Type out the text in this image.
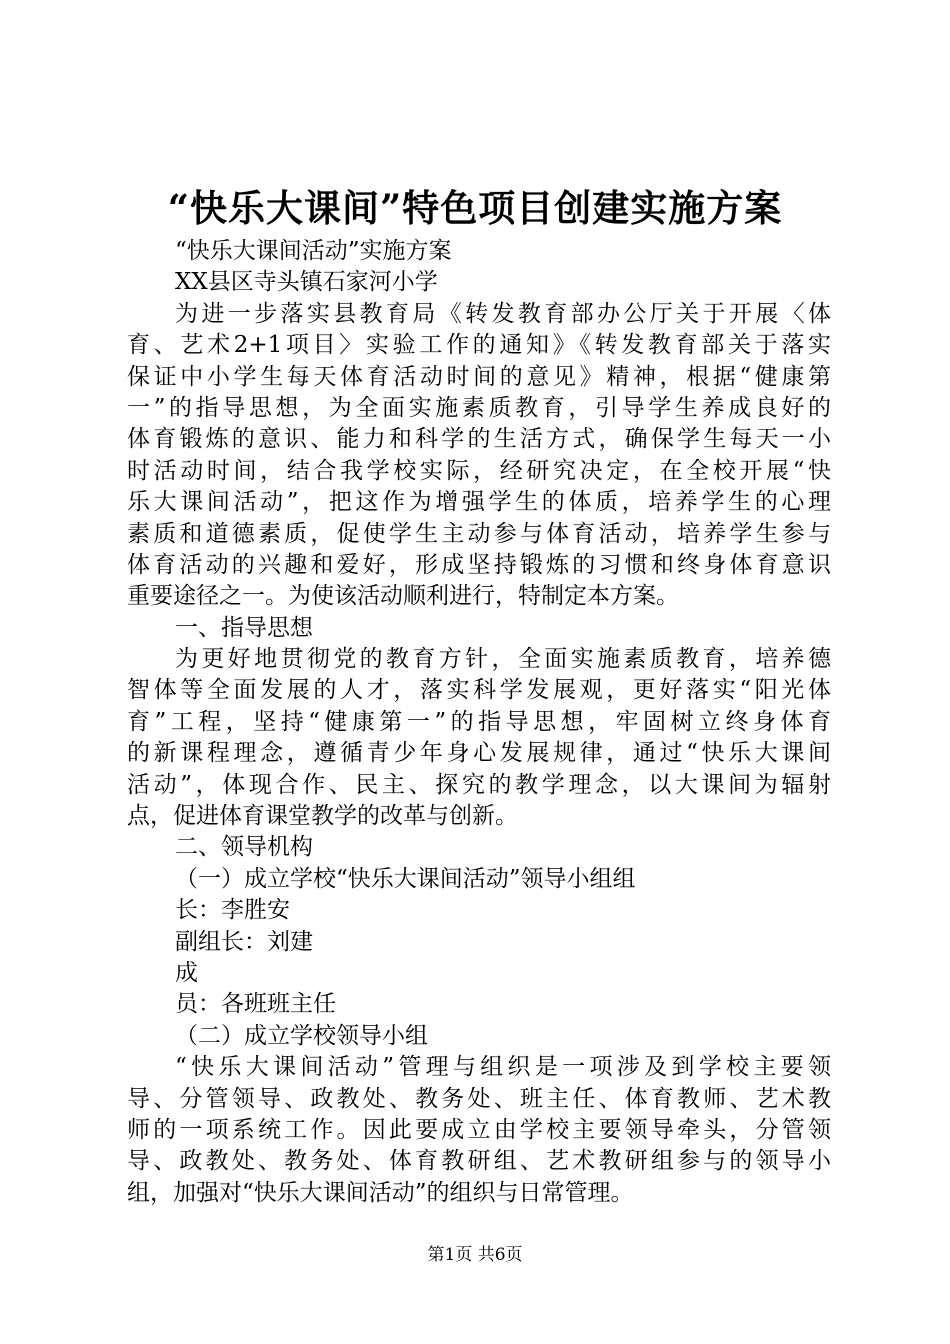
“快乐大课间”特色项目创建实施方案
“快乐大课间活动”实施方案
XX县区寺头镇石家河小学
为进一步落实县教育局《转发教育部办公厅关于开展〈体
育、艺术2+1项目〉实验工作的通知》《转发教育部关于落实
保证中小学生每天体育活动时间的意见》精神，根据“健康第
一”的指导思想，为全面实施素质教育，引导学生养成良好的
体育锻炼的意识、能力和科学的生活方式，确保学生每天一小
时活动时间，结合我学校实际，经研究决定，在全校开展“快
乐大课间活动”，把这作为增强学生的体质，培养学生的心理
素质和道德素质，促使学生主动参与体育活动，培养学生参与
体育活动的兴趣和爱好，形成坚持锻炼的习惯和终身体育意识
重要途径之一。为使该活动顺利进行，特制定本方案。
一、指导思想
为更好地贯彻党的教育方针，全面实施素质教育，培养德
智体等全面发展的人才，落实科学发展观，更好落实“阳光体
育”工程，坚持“健康第一”的指导思想，牢固树立终身体育
的新课程理念，遵循青少年身心发展规律，通过“快乐大课间
活动”，体现合作、民主、探究的教学理念，以大课间为辐射
点，促进体育课堂教学的改革与创新。
二、领导机构
（一）成立学校“快乐大课间活动”领导小组组
长：李胜安
副组长：刘建
成
员：各班班主任
（二）成立学校领导小组
“快乐大课间活动”管理与组织是一项涉及到学校主要领
导、分管领导、政教处、教务处、班主任、体育教师、艺术教
师的一项系统工作。因此要成立由学校主要领导牵头，分管领
导、政教处、教务处、体育教研组、艺术教研组参与的领导小
组，加强对“快乐大课间活动”的组织与日常管理。
第1页 共6页
